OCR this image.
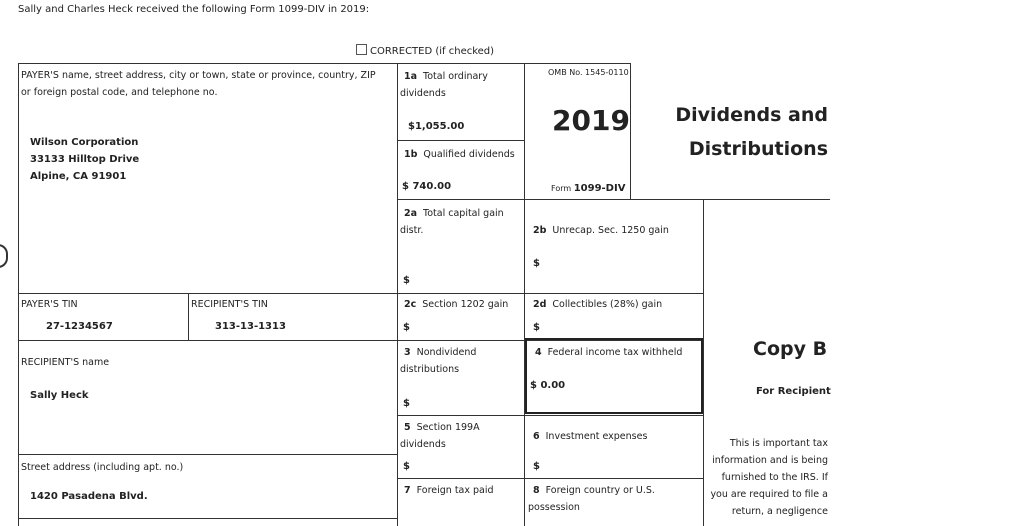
Sally and Charles Heck received the following Form 1099-DIV in 2019:
CORRECTED (if checked)
PAYER'S name, street address, city or town, state or province, country, ZIP
or foreign postal code, and telephone no.
Wilson Corporation
33133 Hilltop Drive
Alpine, CA 91901
PAYER'S TIN
27-1234567
RECIPIENT'S TIN
313-13-1313
RECIPIENT'S name
Sally Heck
Street address (including apt. no.)
1420 Pasadena Blvd.
1a Total ordinary
dividends
$1,055.00
1b Qualified dividends
$ 740.00
OMB No. 1545-0110
2019
Form 1099-DIV
Dividends and
Distributions
2a Total capital gain
distr.
$
2b Unrecap. Sec. 1250 gain
$
2c Section 1202 gain
$
2d Collectibles (28%) gain
$
3 Nondividend
distributions
$
4 Federal income tax withheld
$ 0.00
5 Section 199A
dividends
$
6 Investment expenses
$
7 Foreign tax paid	8 Foreign country or U.S.
possession
Copy B
For Recipient
This is important tax
information and is being
furnished to the IRS. If
you are required to file a
return, a negligence
